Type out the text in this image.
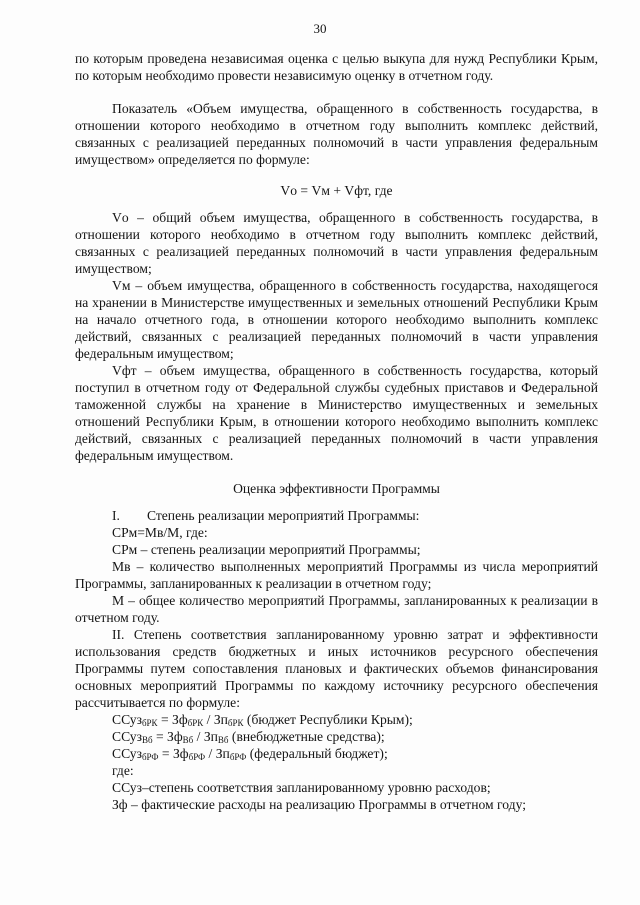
30

по которым проведена независимая оценка с целью выкупа для нужд Республики Крым, по которым необходимо провести независимую оценку в отчетном году.

Показатель «Объем имущества, обращенного в собственность государства, в отношении которого необходимо в отчетном году выполнить комплекс действий, связанных с реализацией переданных полномочий в части управления федеральным имуществом» определяется по формуле:

Vо = Vм + Vфт, где

Vо – общий объем имущества, обращенного в собственность государства, в отношении которого необходимо в отчетном году выполнить комплекс действий, связанных с реализацией переданных полномочий в части управления федеральным имуществом;

Vм – объем имущества, обращенного в собственность государства, находящегося на хранении в Министерстве имущественных и земельных отношений Республики Крым на начало отчетного года, в отношении которого необходимо выполнить комплекс действий, связанных с реализацией переданных полномочий в части управления федеральным имуществом;

Vфт – объем имущества, обращенного в собственность государства, который поступил в отчетном году от Федеральной службы судебных приставов и Федеральной таможенной службы на хранение в Министерство имущественных и земельных отношений Республики Крым, в отношении которого необходимо выполнить комплекс действий, связанных с реализацией переданных полномочий в части управления федеральным имуществом.

Оценка эффективности Программы

I. Степень реализации мероприятий Программы:

СРм=Мв/М, где:

СРм – степень реализации мероприятий Программы;

Мв – количество выполненных мероприятий Программы из числа мероприятий Программы, запланированных к реализации в отчетном году;

М – общее количество мероприятий Программы, запланированных к реализации в отчетном году.

II. Степень соответствия запланированному уровню затрат и эффективности использования средств бюджетных и иных источников ресурсного обеспечения Программы путем сопоставления плановых и фактических объемов финансирования основных мероприятий Программы по каждому источнику ресурсного обеспечения рассчитывается по формуле:

ССуз$_{бРК}$ = $Зф_{бРК} / Зп_{бРК}$ (бюджет Республики Крым);

ССуз$_{Вб}$ = $Зф_{Вб} / Зп_{Вб}$ (внебюджетные средства);

ССуз$_{бРФ}$ = $Зф_{бРФ} / Зп_{бРФ}$ (федеральный бюджет);

где:

ССуз–степень соответствия запланированному уровню расходов;

Зф – фактические расходы на реализацию Программы в отчетном году;
